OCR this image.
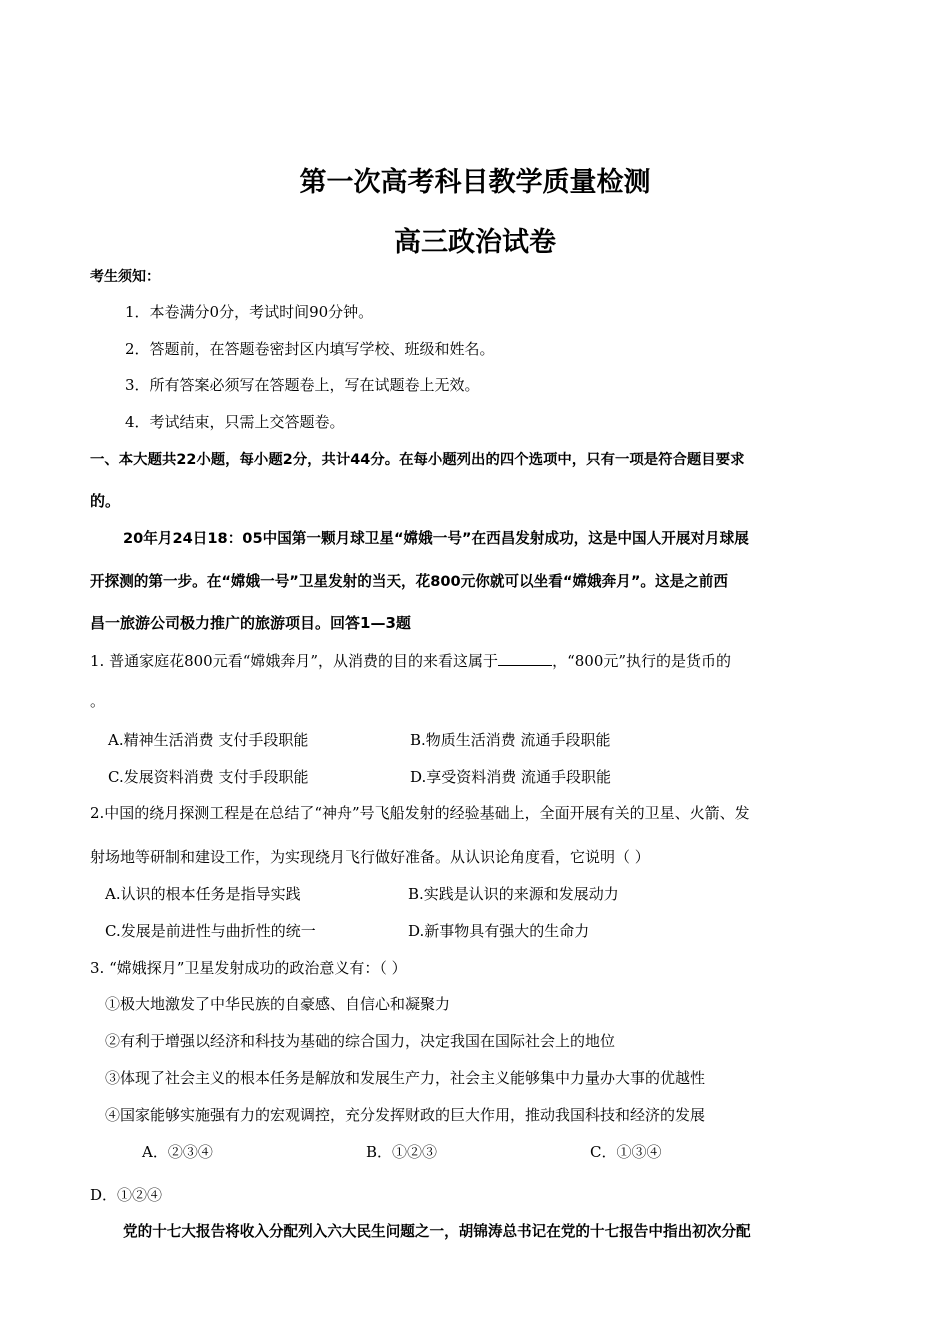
第一次高考科目教学质量检测
高三政治试卷
考生须知：
1．本卷满分0分，考试时间90分钟。
2．答题前，在答题卷密封区内填写学校、班级和姓名。
3．所有答案必须写在答题卷上，写在试题卷上无效。
4．考试结束，只需上交答题卷。
一、本大题共22小题，每小题2分，共计44分。在每小题列出的四个选项中，只有一项是符合题目要求
的。
20年月24日18：05中国第一颗月球卫星“嫦娥一号”在西昌发射成功，这是中国人开展对月球展
开探测的第一步。在“嫦娥一号”卫星发射的当天，花800元你就可以坐看“嫦娥奔月”。这是之前西
昌一旅游公司极力推广的旅游项目。回答1—3题
1. 普通家庭花800元看“嫦娥奔月”，从消费的目的来看这属于	，“800元”执行的是货币的
。
A.精神生活消费 支付手段职能	B.物质生活消费 流通手段职能
C.发展资料消费 支付手段职能	D.享受资料消费 流通手段职能
2.中国的绕月探测工程是在总结了“神舟”号飞船发射的经验基础上，全面开展有关的卫星、火箭、发
射场地等研制和建设工作，为实现绕月飞行做好准备。从认识论角度看，它说明（ ）
A.认识的根本任务是指导实践	B.实践是认识的来源和发展动力
C.发展是前进性与曲折性的统一	D.新事物具有强大的生命力
3. “嫦娥探月”卫星发射成功的政治意义有：（ ）
①极大地激发了中华民族的自豪感、自信心和凝聚力
②有利于增强以经济和科技为基础的综合国力，决定我国在国际社会上的地位
③体现了社会主义的根本任务是解放和发展生产力，社会主义能够集中力量办大事的优越性
④国家能够实施强有力的宏观调控，充分发挥财政的巨大作用，推动我国科技和经济的发展
A．②③④	B．①②③	C．①③④
D．①②④
党的十七大报告将收入分配列入六大民生问题之一，胡锦涛总书记在党的十七报告中指出初次分配
